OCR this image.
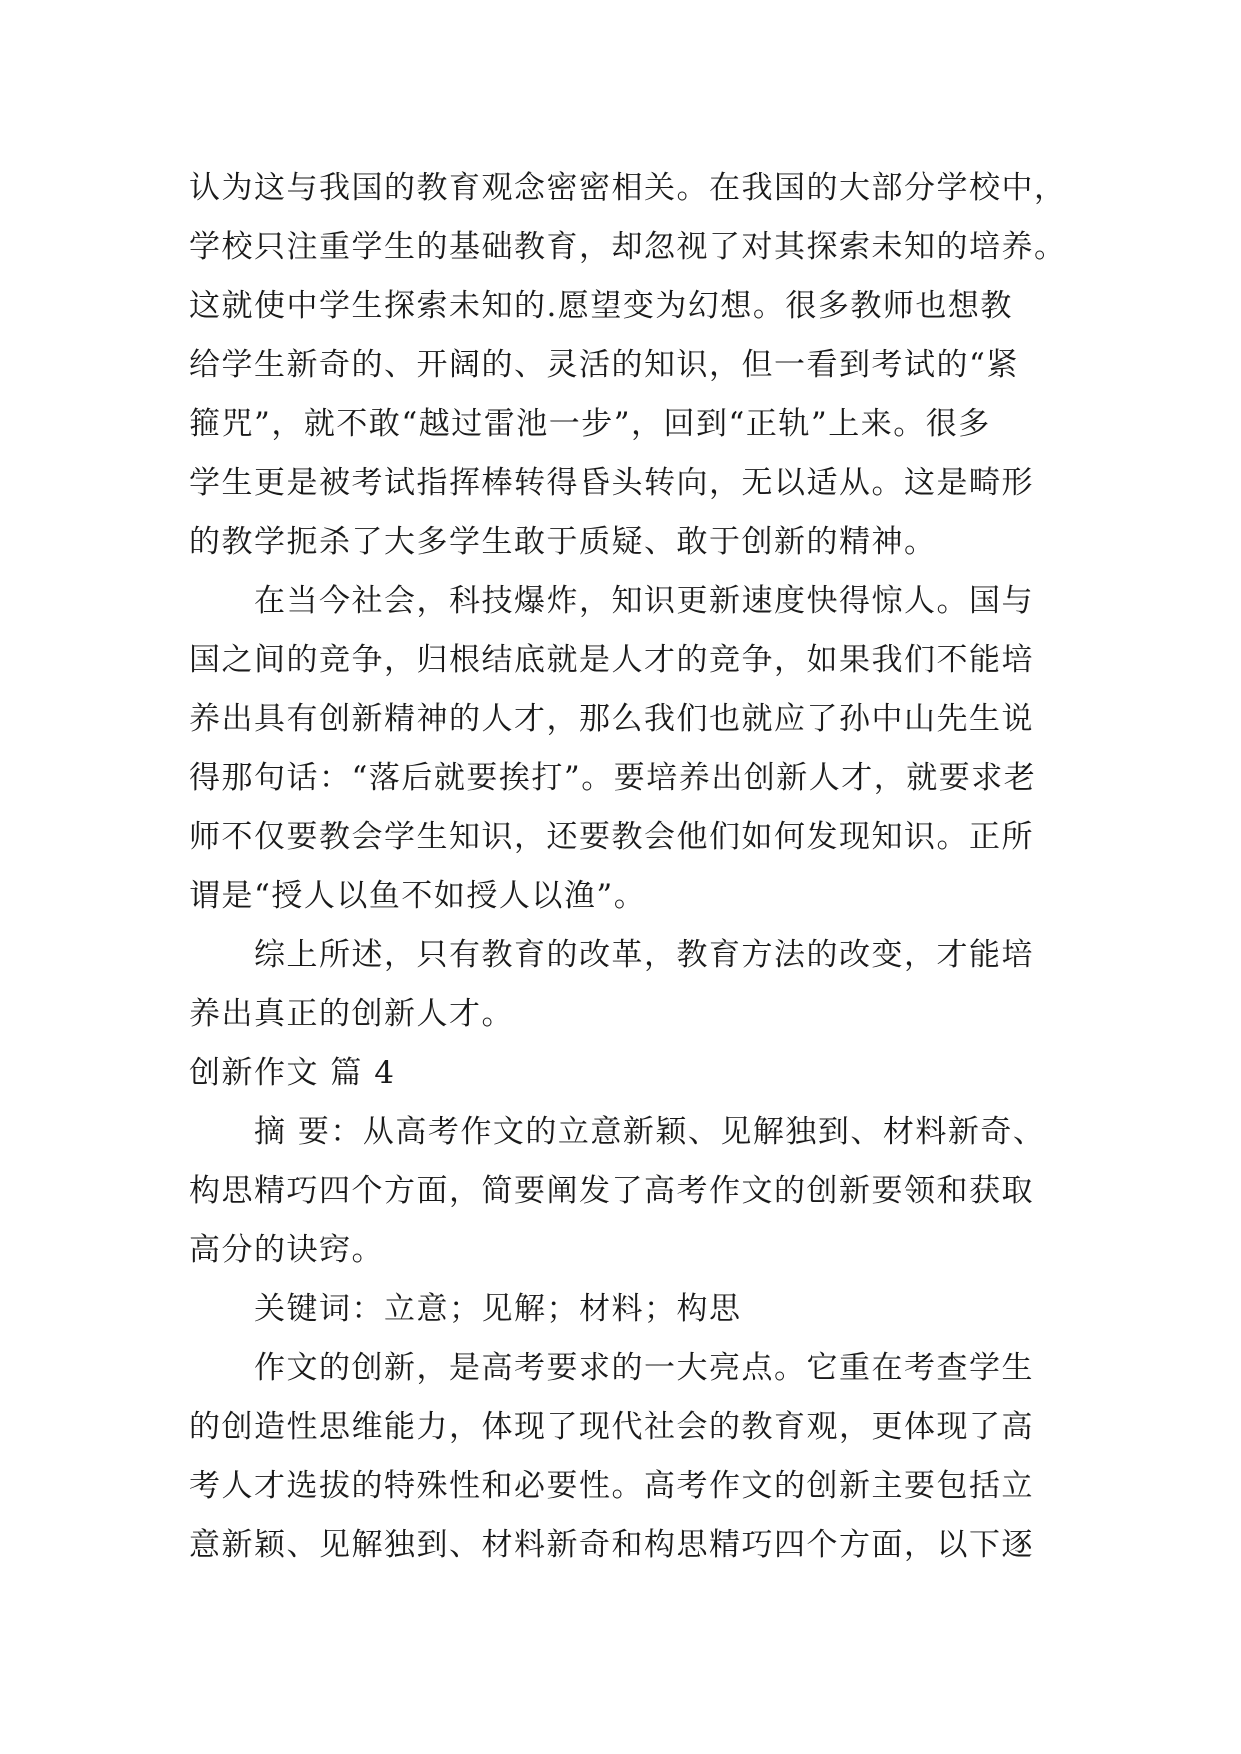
认为这与我国的教育观念密密相关。在我国的大部分学校中，
学校只注重学生的基础教育，却忽视了对其探索未知的培养。
这就使中学生探索未知的.愿望变为幻想。很多教师也想教
给学生新奇的、开阔的、灵活的知识，但一看到考试的“紧
箍咒”，就不敢“越过雷池一步”，回到“正轨”上来。很多
学生更是被考试指挥棒转得昏头转向，无以适从。这是畸形
的教学扼杀了大多学生敢于质疑、敢于创新的精神。
在当今社会，科技爆炸，知识更新速度快得惊人。国与
国之间的竞争，归根结底就是人才的竞争，如果我们不能培
养出具有创新精神的人才，那么我们也就应了孙中山先生说
得那句话：“落后就要挨打”。要培养出创新人才，就要求老
师不仅要教会学生知识，还要教会他们如何发现知识。正所
谓是“授人以鱼不如授人以渔”。
综上所述，只有教育的改革，教育方法的改变，才能培
养出真正的创新人才。
创新作文 篇 4
摘 要：从高考作文的立意新颖、见解独到、材料新奇、
构思精巧四个方面，简要阐发了高考作文的创新要领和获取
高分的诀窍。
关键词：立意；见解；材料；构思
作文的创新，是高考要求的一大亮点。它重在考查学生
的创造性思维能力，体现了现代社会的教育观，更体现了高
考人才选拔的特殊性和必要性。高考作文的创新主要包括立
意新颖、见解独到、材料新奇和构思精巧四个方面，以下逐
